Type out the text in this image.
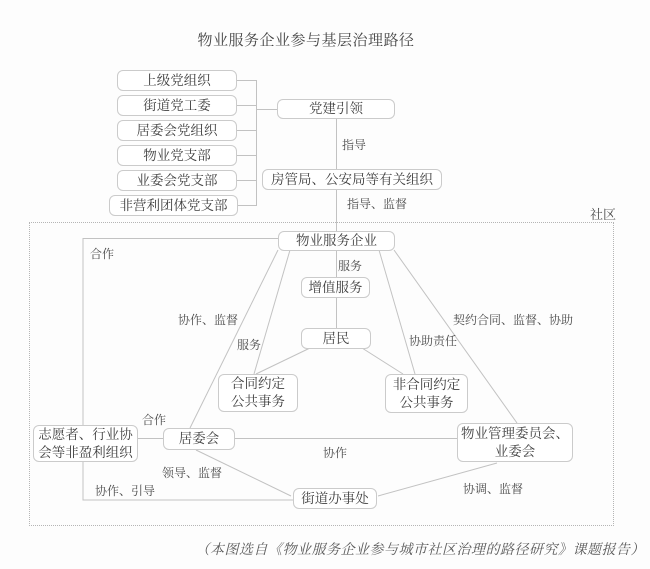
物业服务企业参与基层治理路径
社区
上级党组织
街道党工委
居委会党组织
物业党支部
业委会党支部
非营利团体党支部
党建引领
房管局、公安局等有关组织
物业服务企业
增值服务
居民
合同约定
公共事务
非合同约定
公共事务
志愿者、行业协
会等非盈利组织
居委会	物业管理委员会、
业委会
街道办事处
指导
指导、监督
合作
协作、监督
服务
服务	协助责任
契约合同、监督、协助
合作
协作
领导、监督
协作、引导	协调、监督
（本图选自《物业服务企业参与城市社区治理的路径研究》课题报告）
